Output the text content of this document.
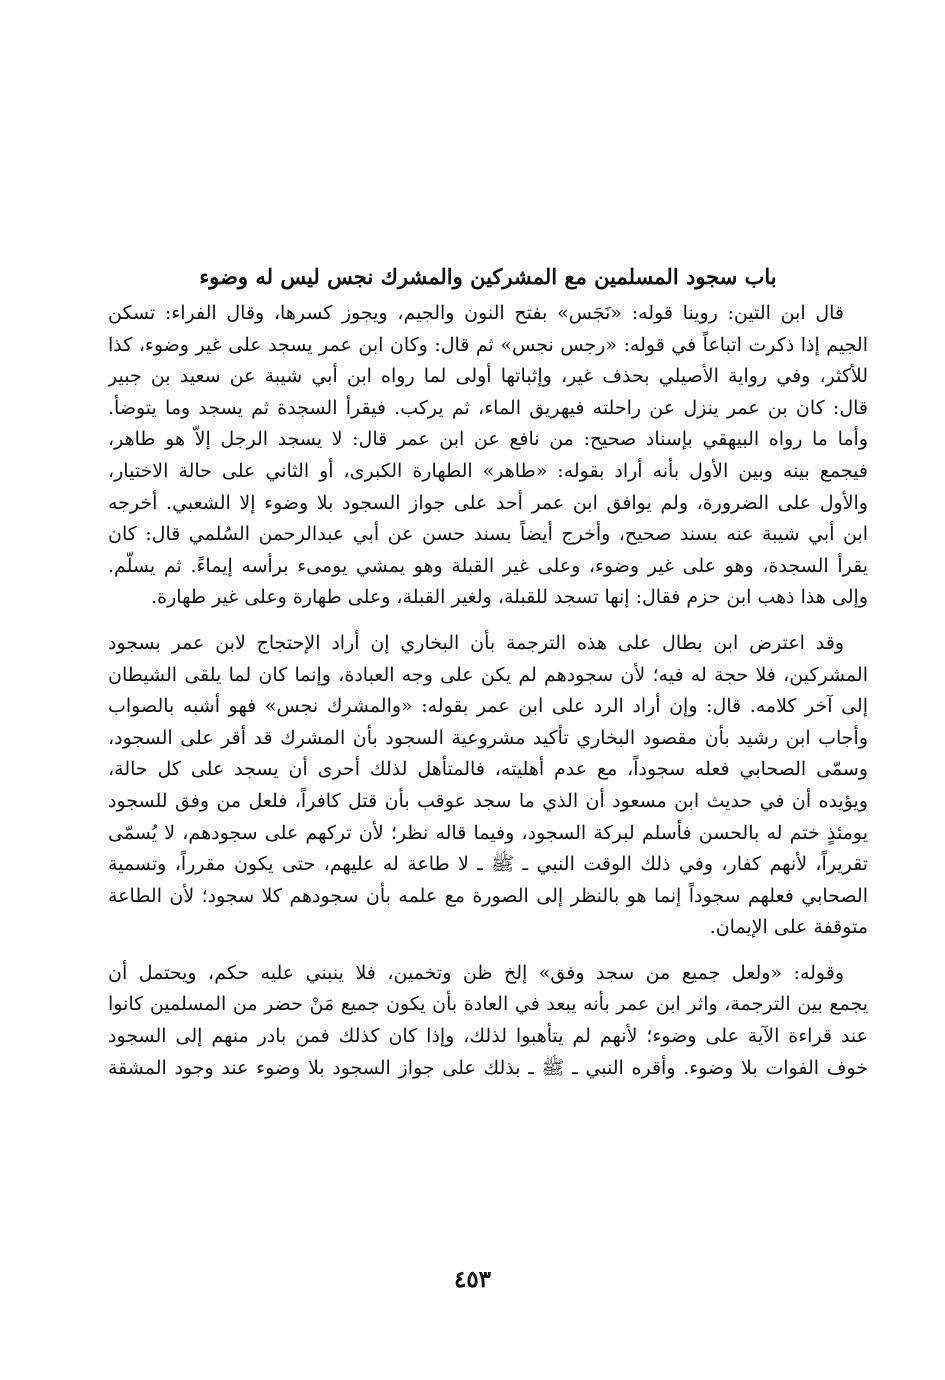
باب سجود المسلمين مع المشركين والمشرك نجس ليس له وضوء
قال ابن التين: روينا قوله: «نَجَس» بفتح النون والجيم، ويجوز كسرها، وقال الفراء: تسكن
الجيم إذا ذكرت اتباعاً في قوله: «رجس نجس» ثم قال: وكان ابن عمر يسجد على غير وضوء، كذا
للأكثر، وفي رواية الأصيلي بحذف غير، وإثباتها أولى لما رواه ابن أبي شيبة عن سعيد بن جبير
قال: كان بن عمر ينزل عن راحلته فيهريق الماء، ثم يركب. فيقرأ السجدة ثم يسجد وما يتوضأ.
وأما ما رواه البيهقي بإسناد صحيح: من نافع عن ابن عمر قال: لا يسجد الرجل إلاّ هو طاهر،
فيجمع بينه وبين الأول بأنه أراد بقوله: «طاهر» الطهارة الكبرى، أو الثاني على حالة الاختيار،
والأول على الضرورة، ولم يوافق ابن عمر أحد على جواز السجود بلا وضوء إلا الشعبي. أخرجه
ابن أبي شيبة عنه بسند صحيح، وأخرج أيضاً بسند حسن عن أبي عبدالرحمن السُلمي قال: كان
يقرأ السجدة، وهو على غير وضوء، وعلى غير القبلة وهو يمشي يومىء برأسه إيماءً. ثم يسلّم.
وإلى هذا ذهب ابن حزم فقال: إنها تسجد للقبلة، ولغير القبلة، وعلى طهارة وعلى غير طهارة.
وقد اعترض ابن بطال على هذه الترجمة بأن البخاري إن أراد الإحتجاج لابن عمر بسجود
المشركين، فلا حجة له فيه؛ لأن سجودهم لم يكن على وجه العبادة، وإنما كان لما يلقى الشيطان
إلى آخر كلامه. قال: وإن أراد الرد على ابن عمر بقوله: «والمشرك نجس» فهو أشبه بالصواب
وأجاب ابن رشيد بأن مقصود البخاري تأكيد مشروعية السجود بأن المشرك قد أقر على السجود،
وسمّى الصحابي فعله سجوداً، مع عدم أهليته، فالمتأهل لذلك أحرى أن يسجد على كل حالة،
ويؤيده أن في حديث ابن مسعود أن الذي ما سجد عوقب بأن قتل كافراً، فلعل من وفق للسجود
يومئذٍ ختم له بالحسن فأسلم لبركة السجود، وفيما قاله نظر؛ لأن تركهم على سجودهم، لا يُسمّى
تقريراً، لأنهم كفار، وفي ذلك الوقت النبي ـ ﷺ ـ لا طاعة له عليهم، حتى يكون مقرراً، وتسمية
الصحابي فعلهم سجوداً إنما هو بالنظر إلى الصورة مع علمه بأن سجودهم كلا سجود؛ لأن الطاعة
متوقفة على الإيمان.
وقوله: «ولعل جميع من سجد وفق» إلخ ظن وتخمين، فلا ينبني عليه حكم، ويحتمل أن
يجمع بين الترجمة، واثر ابن عمر بأنه يبعد في العادة بأن يكون جميع مَنْ حضر من المسلمين كانوا
عند قراءة الآية على وضوء؛ لأنهم لم يتأهبوا لذلك، وإذا كان كذلك فمن بادر منهم إلى السجود
خوف الفوات بلا وضوء. وأقره النبي ـ ﷺ ـ بذلك على جواز السجود بلا وضوء عند وجود المشقة
٤٥٣
